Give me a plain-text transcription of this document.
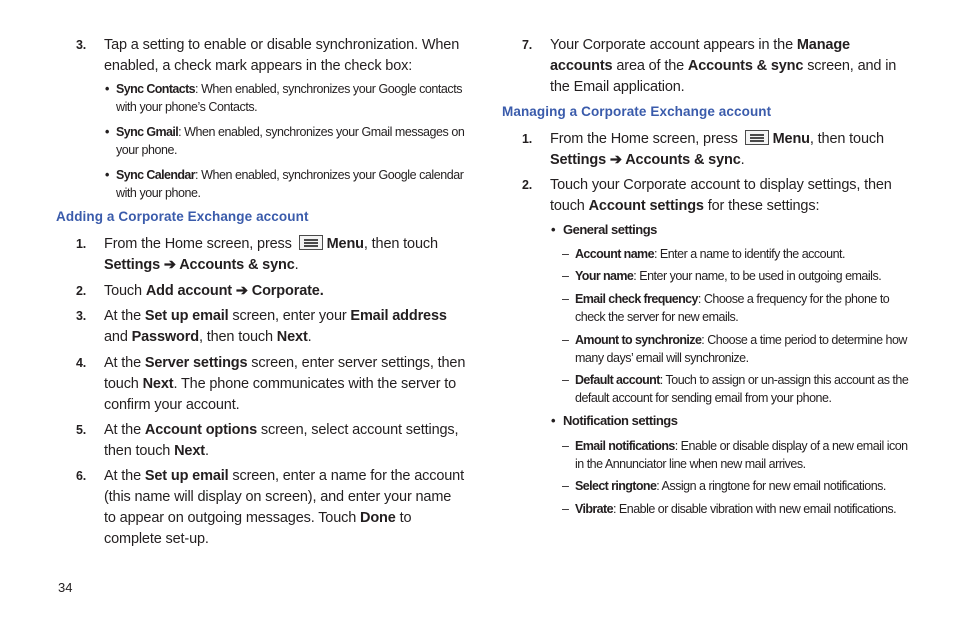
3. Tap a setting to enable or disable synchronization. When enabled, a check mark appears in the check box:
• Sync Contacts: When enabled, synchronizes your Google contacts with your phone’s Contacts.
• Sync Gmail: When enabled, synchronizes your Gmail messages on your phone.
• Sync Calendar: When enabled, synchronizes your Google calendar with your phone.
Adding a Corporate Exchange account
1. From the Home screen, press
Menu, then touch Settings ➔ Accounts & sync.
2. Touch Add account ➔ Corporate.
3. At the Set up email screen, enter your Email address and Password, then touch Next.
4. At the Server settings screen, enter server settings, then touch Next. The phone communicates with the server to confirm your account.
5. At the Account options screen, select account settings, then touch Next.
6. At the Set up email screen, enter a name for the account (this name will display on screen), and enter your name to appear on outgoing messages. Touch Done to complete set-up.
7. Your Corporate account appears in the Manage accounts area of the Accounts & sync screen, and in the Email application.
Managing a Corporate Exchange account
1. From the Home screen, press
Menu, then touch Settings ➔ Accounts & sync.
2. Touch your Corporate account to display settings, then touch Account settings for these settings:
• General settings
– Account name: Enter a name to identify the account.
– Your name: Enter your name, to be used in outgoing emails.
– Email check frequency: Choose a frequency for the phone to check the server for new emails.
– Amount to synchronize: Choose a time period to determine how many days’ email will synchronize.
– Default account: Touch to assign or un-assign this account as the default account for sending email from your phone.
• Notification settings
– Email notifications: Enable or disable display of a new email icon in the Annunciator line when new mail arrives.
– Select ringtone: Assign a ringtone for new email notifications.
– Vibrate: Enable or disable vibration with new email notifications.
34
